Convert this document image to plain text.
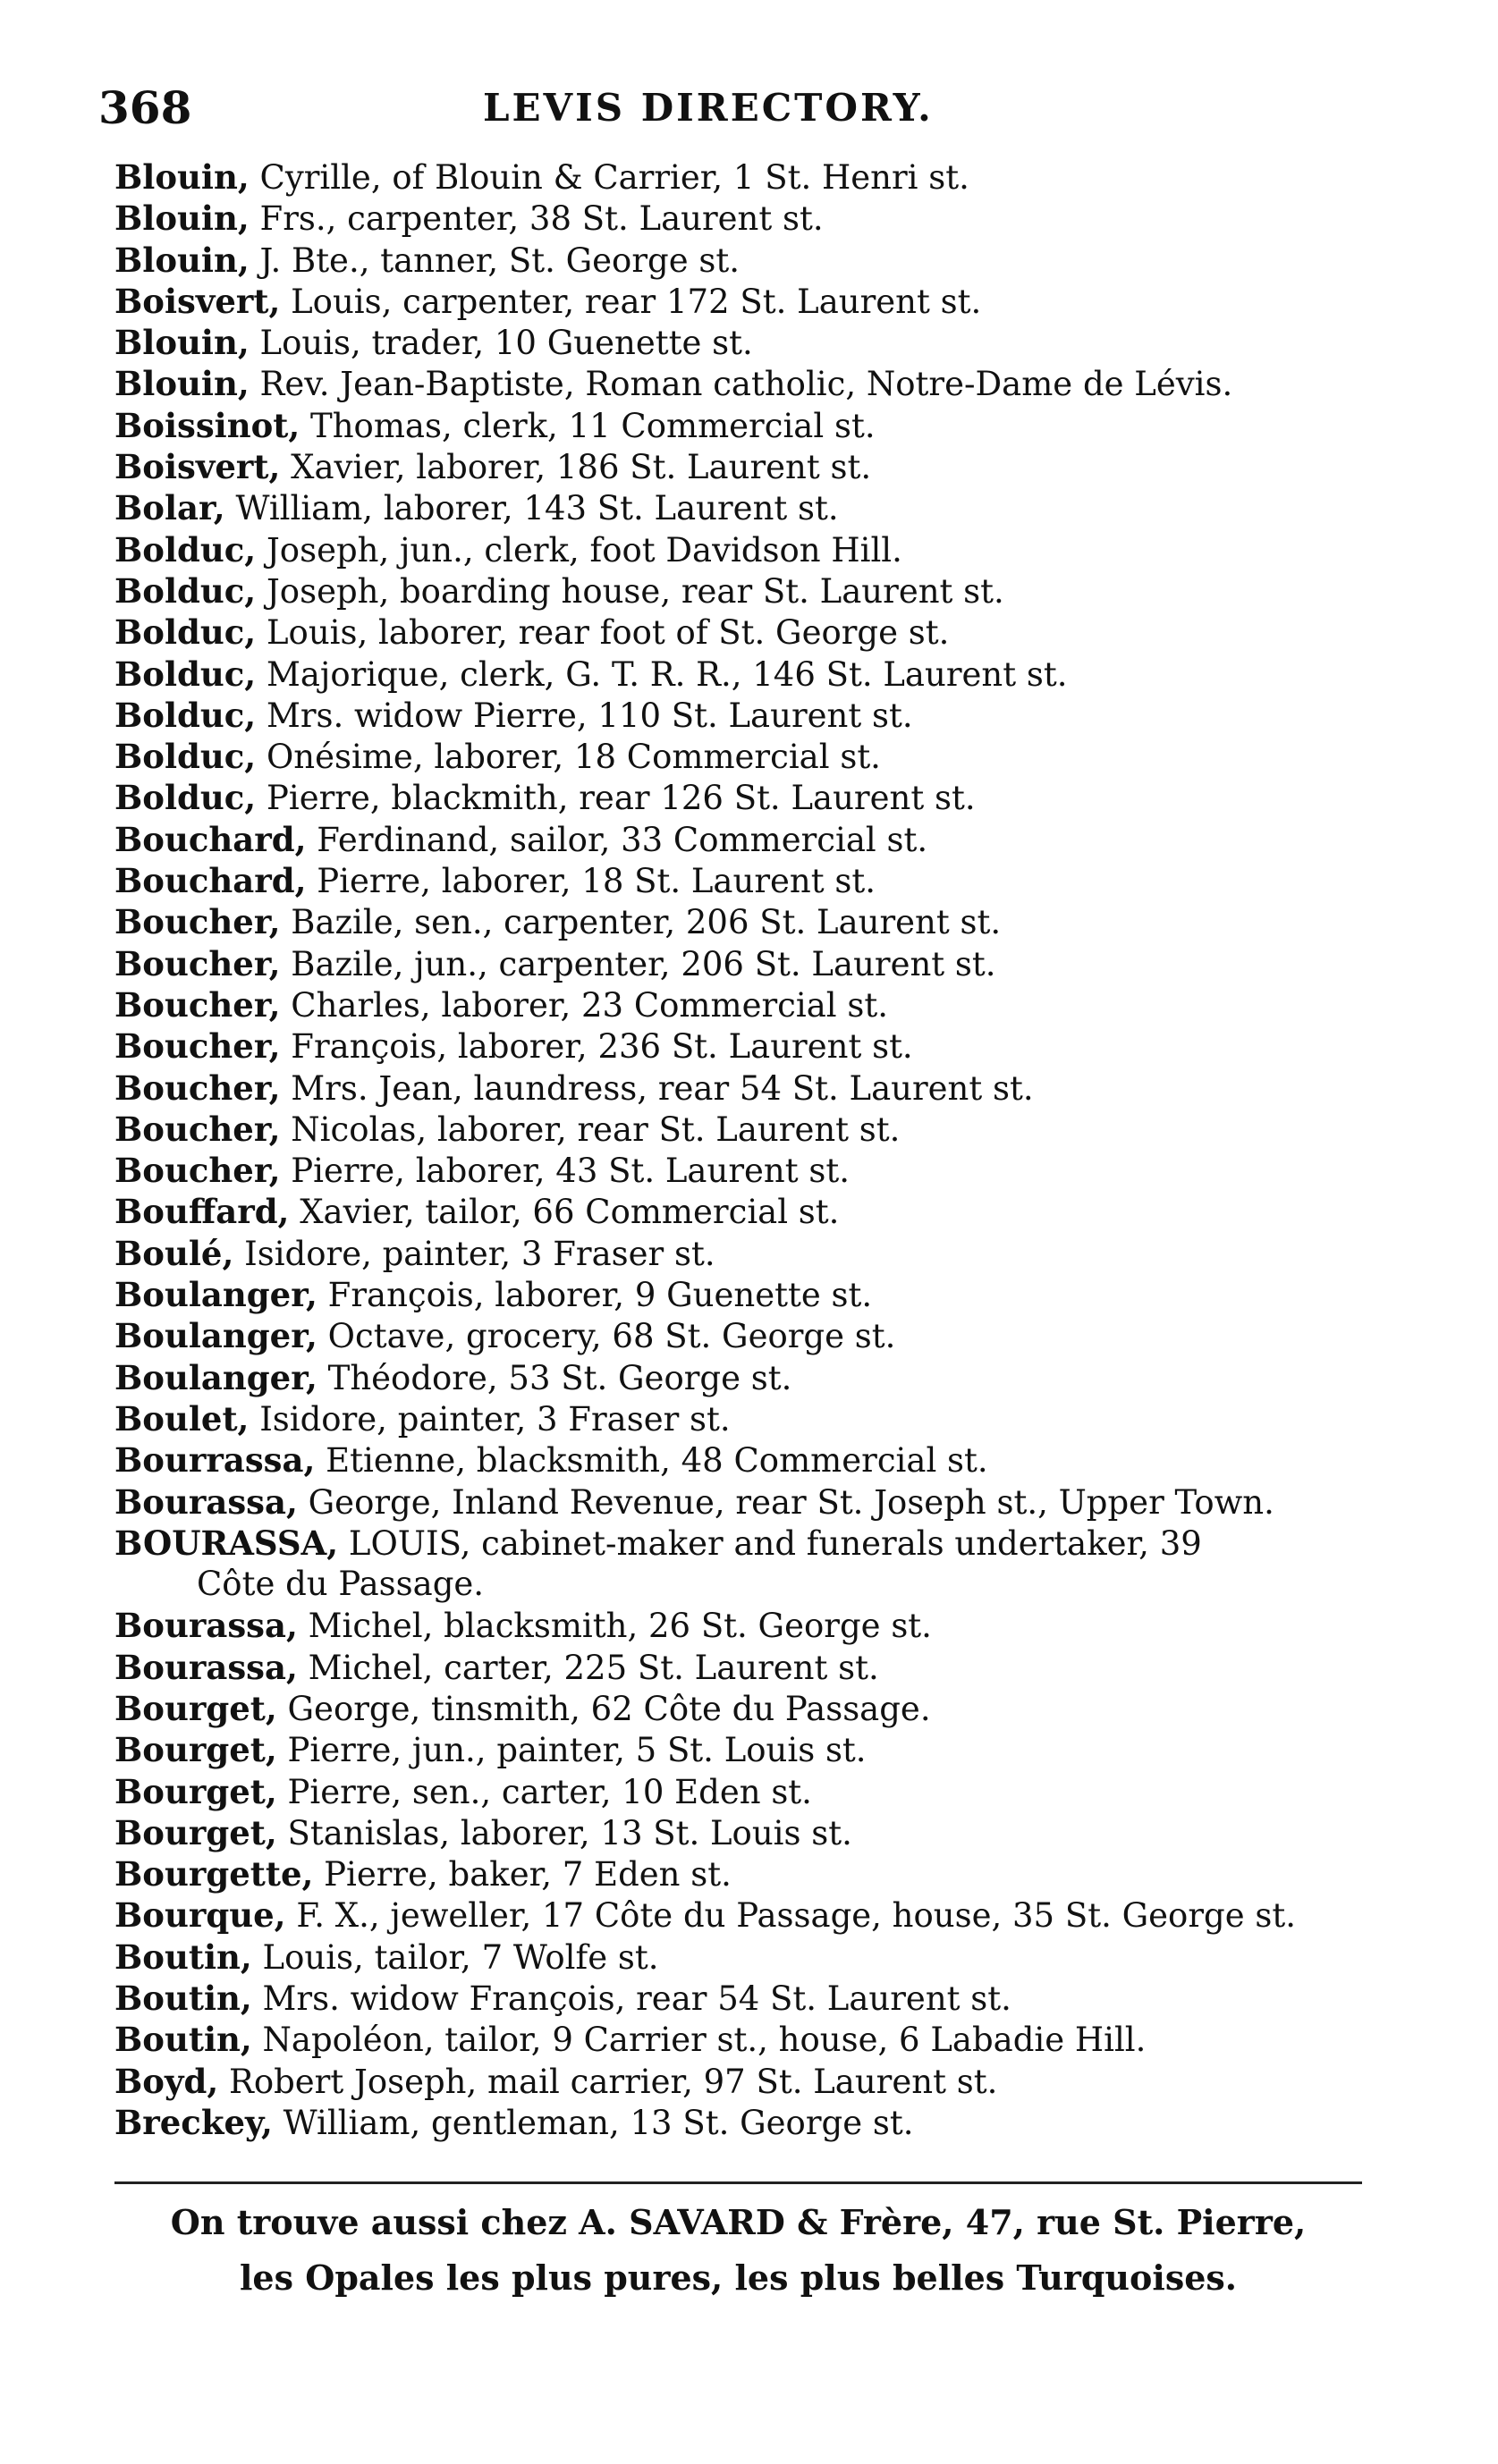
368	LEVIS DIRECTORY.
Blouin, Cyrille, of Blouin & Carrier, 1 St. Henri st.
Blouin, Frs., carpenter, 38 St. Laurent st.
Blouin, J. Bte., tanner, St. George st.
Boisvert, Louis, carpenter, rear 172 St. Laurent st.
Blouin, Louis, trader, 10 Guenette st.
Blouin, Rev. Jean-Baptiste, Roman catholic, Notre-Dame de Lévis.
Boissinot, Thomas, clerk, 11 Commercial st.
Boisvert, Xavier, laborer, 186 St. Laurent st.
Bolar, William, laborer, 143 St. Laurent st.
Bolduc, Joseph, jun., clerk, foot Davidson Hill.
Bolduc, Joseph, boarding house, rear St. Laurent st.
Bolduc, Louis, laborer, rear foot of St. George st.
Bolduc, Majorique, clerk, G. T. R. R., 146 St. Laurent st.
Bolduc, Mrs. widow Pierre, 110 St. Laurent st.
Bolduc, Onésime, laborer, 18 Commercial st.
Bolduc, Pierre, blackmith, rear 126 St. Laurent st.
Bouchard, Ferdinand, sailor, 33 Commercial st.
Bouchard, Pierre, laborer, 18 St. Laurent st.
Boucher, Bazile, sen., carpenter, 206 St. Laurent st.
Boucher, Bazile, jun., carpenter, 206 St. Laurent st.
Boucher, Charles, laborer, 23 Commercial st.
Boucher, François, laborer, 236 St. Laurent st.
Boucher, Mrs. Jean, laundress, rear 54 St. Laurent st.
Boucher, Nicolas, laborer, rear St. Laurent st.
Boucher, Pierre, laborer, 43 St. Laurent st.
Bouffard, Xavier, tailor, 66 Commercial st.
Boulé, Isidore, painter, 3 Fraser st.
Boulanger, François, laborer, 9 Guenette st.
Boulanger, Octave, grocery, 68 St. George st.
Boulanger, Théodore, 53 St. George st.
Boulet, Isidore, painter, 3 Fraser st.
Bourrassa, Etienne, blacksmith, 48 Commercial st.
Bourassa, George, Inland Revenue, rear St. Joseph st., Upper Town.
BOURASSA, LOUIS, cabinet-maker and funerals undertaker, 39
Côte du Passage.
Bourassa, Michel, blacksmith, 26 St. George st.
Bourassa, Michel, carter, 225 St. Laurent st.
Bourget, George, tinsmith, 62 Côte du Passage.
Bourget, Pierre, jun., painter, 5 St. Louis st.
Bourget, Pierre, sen., carter, 10 Eden st.
Bourget, Stanislas, laborer, 13 St. Louis st.
Bourgette, Pierre, baker, 7 Eden st.
Bourque, F. X., jeweller, 17 Côte du Passage, house, 35 St. George st.
Boutin, Louis, tailor, 7 Wolfe st.
Boutin, Mrs. widow François, rear 54 St. Laurent st.
Boutin, Napoléon, tailor, 9 Carrier st., house, 6 Labadie Hill.
Boyd, Robert Joseph, mail carrier, 97 St. Laurent st.
Breckey, William, gentleman, 13 St. George st.
On trouve aussi chez A. SAVARD & Frère, 47, rue St. Pierre,
les Opales les plus pures, les plus belles Turquoises.
